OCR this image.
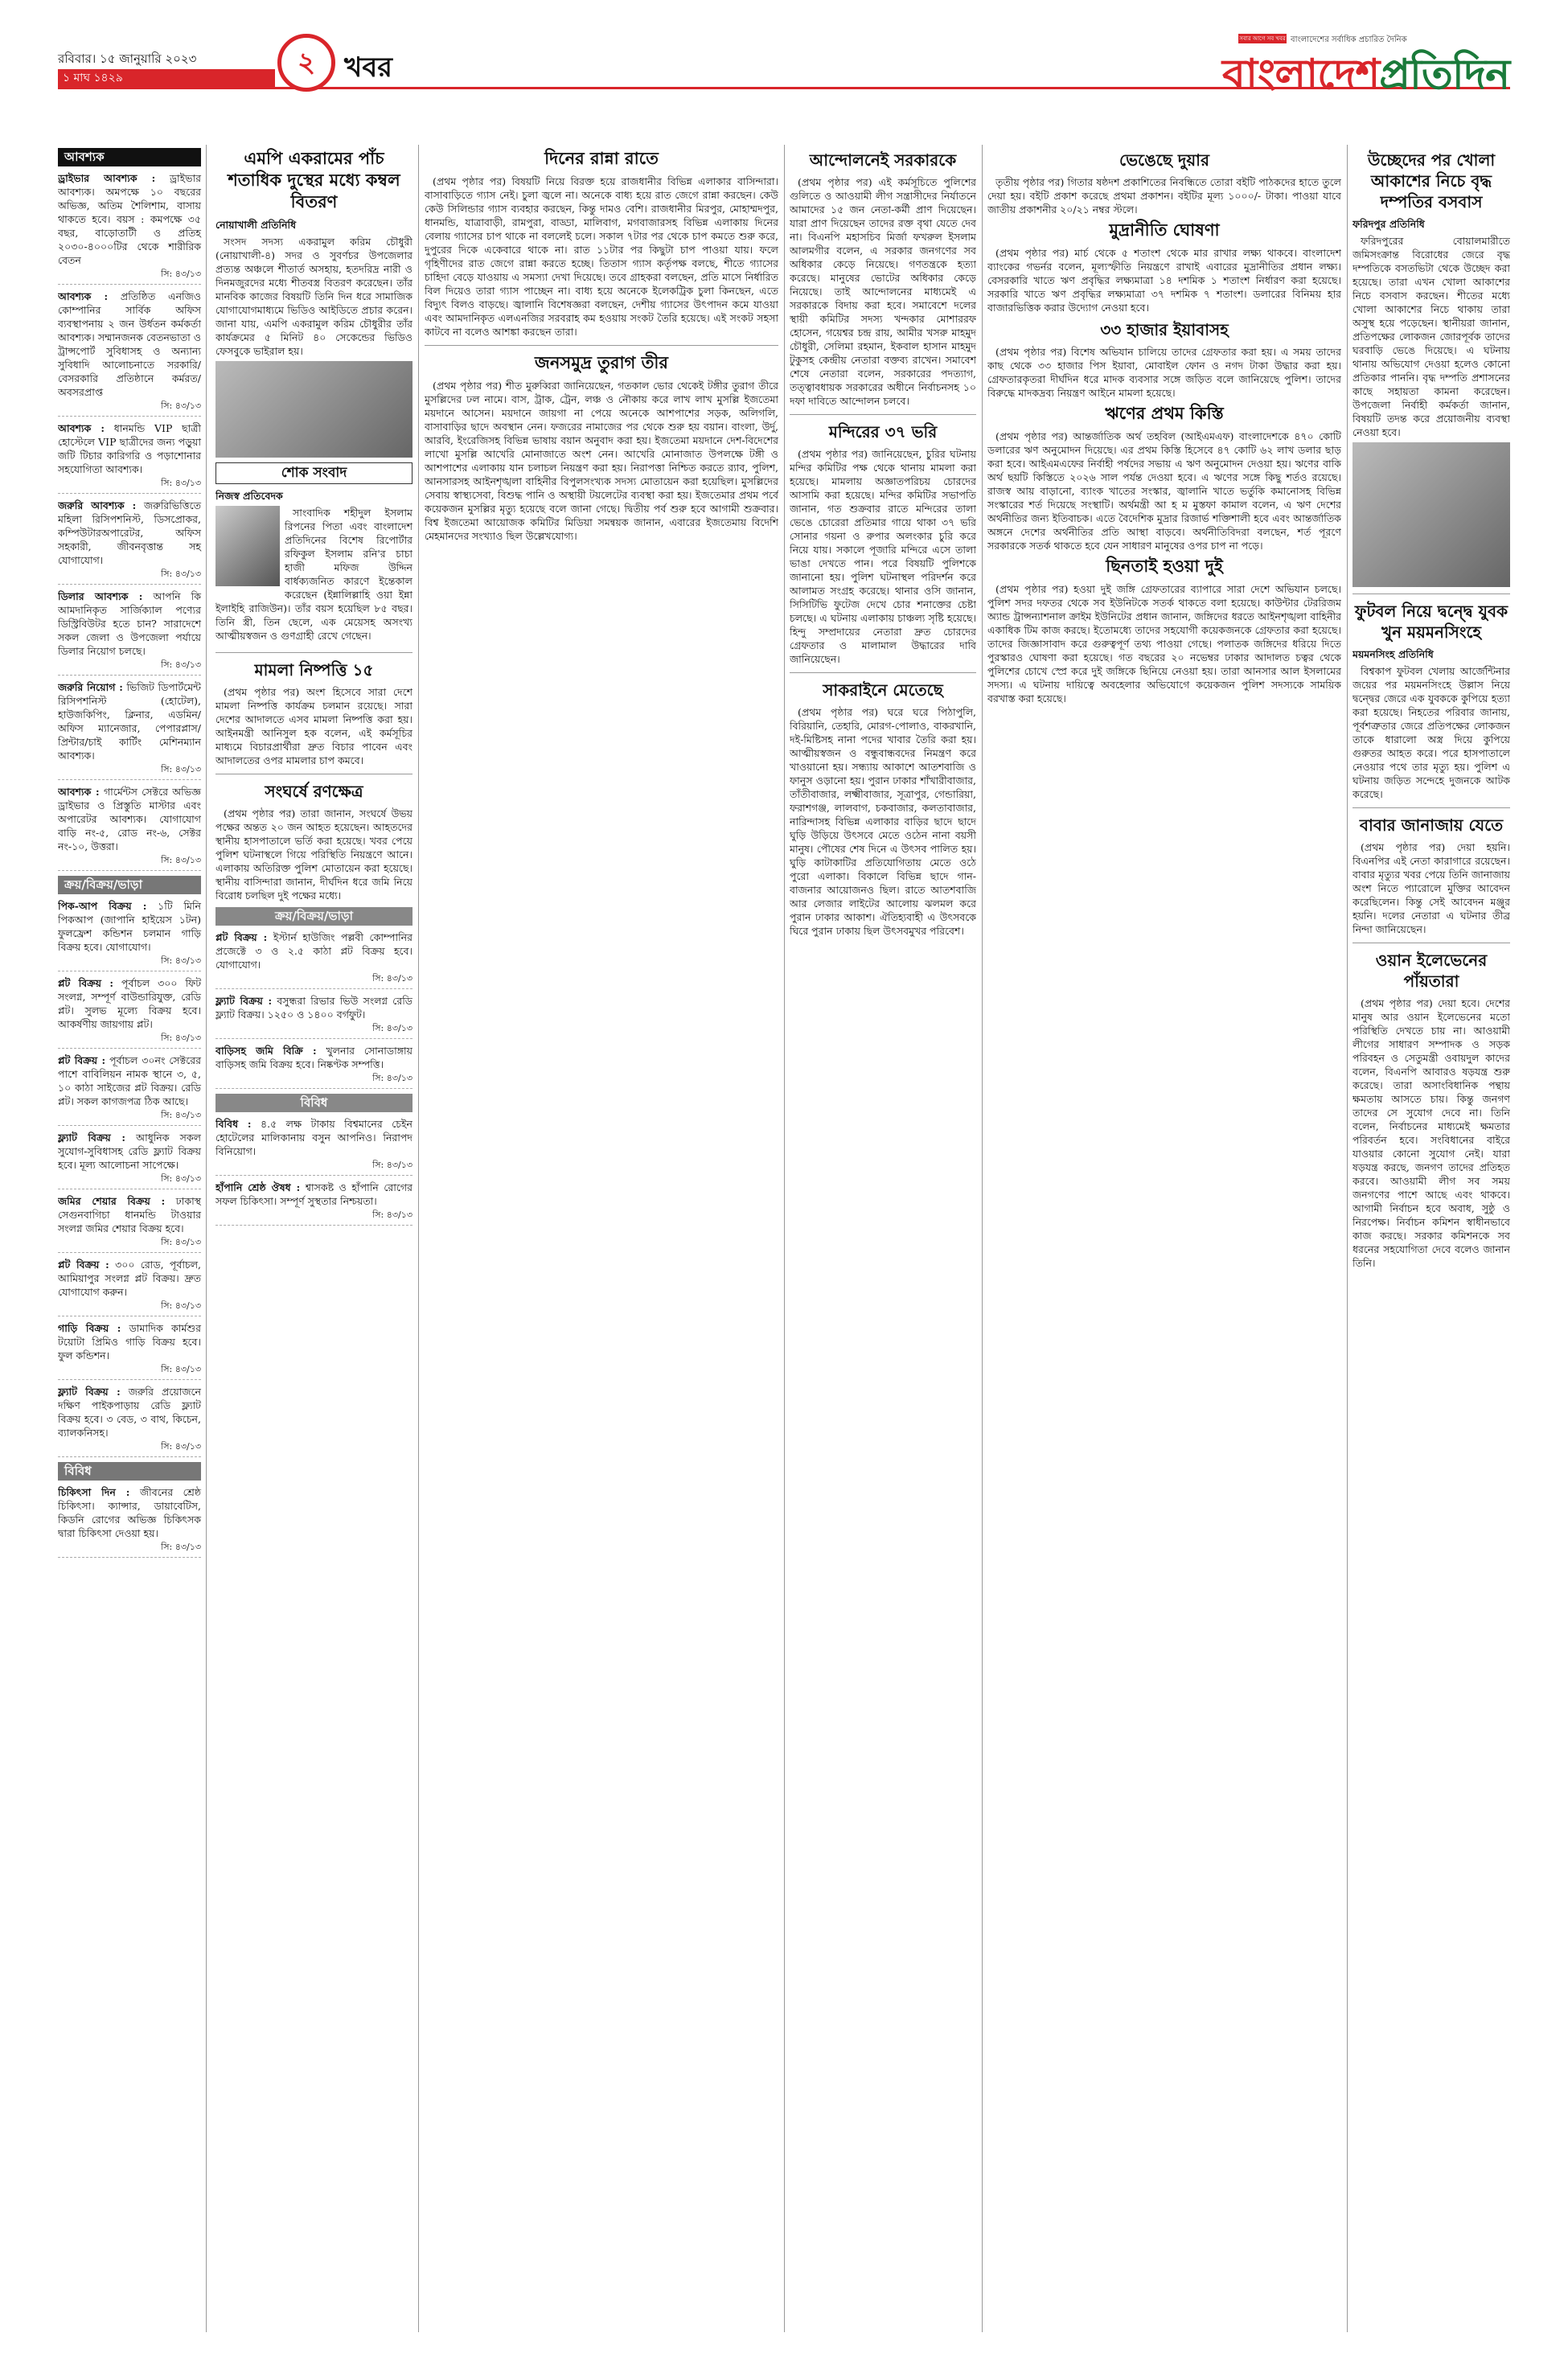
রবিবার। ১৫ জানুয়ারি ২০২৩
১ মাঘ ১৪২৯	২	খবর
সবার আগে সব খবর বাংলাদেশের সর্বাধিক প্রচারিত দৈনিক
বাংলাদেশপ্রতিদিন
আবশ্যক
ড্রাইভার আবশ্যক : ড্রাইভার আবশ্যক। অমপক্ষে ১০ বছরের অভিজ্ঞ, অতিম শৈলিশাম, বাসায় থাকতে হবে। বয়স : কমপক্ষে ৩৫ বছর, বাড়োতাটী ও প্রতিহ ২০৩০-৪০০০টির থেকে শারীরিক বেতন
সি: ৪৩/১৩
আবশ্যক : প্রতিষ্ঠিত এনজিও কোম্পানির সার্বিক অফিস ব্যবস্থাপনায় ২ জন উর্ধতন কর্মকর্তা আবশ্যক। সম্মানজনক বেতনভাতা ও ট্রান্সপোর্ট সুবিধাসহ ও অন্যান্য সুবিধাদি আলোচনাতে সরকারি/বেসরকারি প্রতিষ্ঠানে কর্মরত/অবসরপ্রাপ্ত
সি: ৪৩/১৩
আবশ্যক : ধানমন্ডি VIP ছাত্রী হোস্টেলে VIP ছাত্রীদের জন্য পড়ুয়া জটি টিচার কারিগরি ও পড়াশোনার সহযোগিতা আবশ্যক।
সি: ৪৩/১৩
জরুরি আবশ্যক : জরুরিভিত্তিতে মহিলা রিসিপশনিস্ট, ডিসপ্রোকর, কম্পিউটারঅপারেটর, অফিস সহকারী, জীবনবৃত্তান্ত সহ যোগাযোগ।
সি: ৪৩/১৩
ডিলার আবশ্যক : আপনি কি আমদানিকৃত সার্জিক্যাল পণ্যের ডিস্ট্রিবিউটর হতে চান? সারাদেশে সকল জেলা ও উপজেলা পর্যায়ে ডিলার নিয়োগ চলছে।
সি: ৪৩/১৩
জরুরি নিয়োগ : ভিজিট ডিপার্টমেন্ট রিসিপশনিস্ট (হোটেল), হাউজকিপিং, ক্লিনার, এডমিন/অফিস ম্যানেজার, পেপারপ্লাস/প্রিন্টার/চাই কার্টিং মেশিনম্যান আবশ্যক।
সি: ৪৩/১৩
আবশ্যক : গার্মেন্টস সেক্টরে অভিজ্ঞ ড্রাইভার ও প্রিস্তুতি মাস্টার এবং অপারেটর আবশ্যক। যোগাযোগ বাড়ি নং-৫, রোড নং-৬, সেক্টর নং-১০, উত্তরা।
সি: ৪৩/১৩
ক্রয়/বিক্রয়/ভাড়া
পিক-আপ বিক্রয় : ১টি মিনি পিকআপ (জাপানি হাইয়েস ১টন) ফুলফ্রেশ কন্ডিশন চলমান গাড়ি বিক্রয় হবে। যোগাযোগ।
সি: ৪৩/১৩
প্লট বিক্রয় : পূর্বাচল ৩০০ ফিট সংলগ্ন, সম্পূর্ণ বাউন্ডারিযুক্ত, রেডি প্লট। সুলভ মূল্যে বিক্রয় হবে। আকর্ষণীয় জায়গায় প্লট।
সি: ৪৩/১৩
প্লট বিক্রয় : পূর্বাচল ৩০নং সেক্টরের পাশে বাবিলিয়ন নামক স্থানে ৩, ৫, ১০ কাঠা সাইজের প্লট বিক্রয়। রেডি প্লট। সকল কাগজপত্র ঠিক আছে।
সি: ৪৩/১৩
ফ্ল্যাট বিক্রয় : আধুনিক সকল সুযোগ-সুবিধাসহ রেডি ফ্ল্যাট বিক্রয় হবে। মূল্য আলোচনা সাপেক্ষে।
সি: ৪৩/১৩
জমির শেয়ার বিক্রয় : ঢাকাস্থ সেগুনবাগিচা ধানমন্ডি টাওয়ার সংলগ্ন জমির শেয়ার বিক্রয় হবে।
সি: ৪৩/১৩
প্লট বিক্রয় : ৩০০ রোড, পূর্বাচল, আমিয়াপুর সংলগ্ন প্লট বিক্রয়। দ্রুত যোগাযোগ করুন।
সি: ৪৩/১৩
গাড়ি বিক্রয় : ডামাদিক কার্মশুর টয়োটা প্রিমিও গাড়ি বিক্রয় হবে। ফুল কন্ডিশন।
সি: ৪৩/১৩
ফ্ল্যাট বিক্রয় : জরুরি প্রয়োজনে দক্ষিণ পাইকপাড়ায় রেডি ফ্ল্যাট বিক্রয় হবে। ৩ বেড, ৩ বাথ, কিচেন, ব্যালকনিসহ।
সি: ৪৩/১৩
বিবিধ
চিকিৎসা দিন : জীবনের শ্রেষ্ঠ চিকিৎসা। ক্যান্সার, ডায়াবেটিস, কিডনি রোগের অভিজ্ঞ চিকিৎসক দ্বারা চিকিৎসা দেওয়া হয়।
সি: ৪৩/১৩
এমপি একরামের পাঁচ শতাধিক দুস্থের মধ্যে কম্বল বিতরণ
নোয়াখালী প্রতিনিধি

সংসদ সদস্য একরামুল করিম চৌধুরী (নোয়াখালী-৪) সদর ও সুবর্ণচর উপজেলার প্রত্যন্ত অঞ্চলে শীতার্ত অসহায়, হতদরিদ্র নারী ও দিনমজুরদের মধ্যে শীতবস্ত্র বিতরণ করেছেন। তাঁর মানবিক কাজের বিষয়টি তিনি দিন ধরে সামাজিক যোগাযোগমাধ্যমে ভিডিও আইডিতে প্রচার করেন। জানা যায়, এমপি একরামুল করিম চৌধুরীর তাঁর কার্যক্রমের ৫ মিনিট ৪০ সেকেন্ডের ভিডিও ফেসবুকে ভাইরাল হয়।

শোক সংবাদ
নিজস্ব প্রতিবেদক

সাংবাদিক শহীদুল ইসলাম রিপনের পিতা এবং বাংলাদেশ প্রতিদিনের বিশেষ রিপোর্টার রফিকুল ইসলাম রনি'র চাচা হাজী মফিজ উদ্দিন বার্ধক্যজনিত কারণে ইন্তেকাল করেছেন (ইন্নালিল্লাহি ওয়া ইন্না ইলাইহি রাজিউন)। তাঁর বয়স হয়েছিল ৮৫ বছর। তিনি স্ত্রী, তিন ছেলে, এক মেয়েসহ অসংখ্য আত্মীয়স্বজন ও গুণগ্রাহী রেখে গেছেন।

মামলা নিষ্পত্তি ১৫

(প্রথম পৃষ্ঠার পর) অংশ হিসেবে সারা দেশে মামলা নিষ্পত্তি কার্যক্রম চলমান রয়েছে। সারা দেশের আদালতে এসব মামলা নিষ্পত্তি করা হয়। আইনমন্ত্রী আনিসুল হক বলেন, এই কর্মসূচির মাধ্যমে বিচারপ্রার্থীরা দ্রুত বিচার পাবেন এবং আদালতের ওপর মামলার চাপ কমবে।

সংঘর্ষে রণক্ষেত্র

(প্রথম পৃষ্ঠার পর) তারা জানান, সংঘর্ষে উভয় পক্ষের অন্তত ২০ জন আহত হয়েছেন। আহতদের স্থানীয় হাসপাতালে ভর্তি করা হয়েছে। খবর পেয়ে পুলিশ ঘটনাস্থলে গিয়ে পরিস্থিতি নিয়ন্ত্রণে আনে। এলাকায় অতিরিক্ত পুলিশ মোতায়েন করা হয়েছে। স্থানীয় বাসিন্দারা জানান, দীর্ঘদিন ধরে জমি নিয়ে বিরোধ চলছিল দুই পক্ষের মধ্যে।

ক্রয়/বিক্রয়/ভাড়া
প্লট বিক্রয় : ইস্টার্ন হাউজিং পল্লবী কোম্পানির প্রজেক্টে ৩ ও ২.৫ কাঠা প্লট বিক্রয় হবে। যোগাযোগ।
সি: ৪৩/১৩
ফ্ল্যাট বিক্রয় : বসুন্ধরা রিভার ভিউ সংলগ্ন রেডি ফ্ল্যাট বিক্রয়। ১২৫০ ও ১৪০০ বর্গফুট।
সি: ৪৩/১৩
বাড়িসহ জমি বিক্রি : খুলনার সোনাডাঙ্গায় বাড়িসহ জমি বিক্রয় হবে। নিষ্কণ্টক সম্পত্তি।
সি: ৪৩/১৩
বিবিধ
বিবিধ : ৪.৫ লক্ষ টাকায় বিশ্বমানের চেইন হোটেলের মালিকানায় বসুন আপনিও। নিরাপদ বিনিয়োগ।
সি: ৪৩/১৩
হাঁপানি শ্রেষ্ঠ ঔষধ : শ্বাসকষ্ট ও হাঁপানি রোগের সফল চিকিৎসা। সম্পূর্ণ সুস্থতার নিশ্চয়তা।
সি: ৪৩/১৩
দিনের রান্না রাতে

(প্রথম পৃষ্ঠার পর) বিষয়টি নিয়ে বিরক্ত হয়ে রাজধানীর বিভিন্ন এলাকার বাসিন্দারা। বাসাবাড়িতে গ্যাস নেই। চুলা জ্বলে না। অনেকে বাধ্য হয়ে রাত জেগে রান্না করছেন। কেউ কেউ সিলিন্ডার গ্যাস ব্যবহার করছেন, কিন্তু দামও বেশি। রাজধানীর মিরপুর, মোহাম্মদপুর, ধানমন্ডি, যাত্রাবাড়ী, রামপুরা, বাড্ডা, মালিবাগ, মগবাজারসহ বিভিন্ন এলাকায় দিনের বেলায় গ্যাসের চাপ থাকে না বললেই চলে। সকাল ৭টার পর থেকে চাপ কমতে শুরু করে, দুপুরের দিকে একেবারে থাকে না। রাত ১১টার পর কিছুটা চাপ পাওয়া যায়। ফলে গৃহিণীদের রাত জেগে রান্না করতে হচ্ছে। তিতাস গ্যাস কর্তৃপক্ষ বলছে, শীতে গ্যাসের চাহিদা বেড়ে যাওয়ায় এ সমস্যা দেখা দিয়েছে। তবে গ্রাহকরা বলছেন, প্রতি মাসে নির্ধারিত বিল দিয়েও তারা গ্যাস পাচ্ছেন না। বাধ্য হয়ে অনেকে ইলেকট্রিক চুলা কিনছেন, এতে বিদ্যুৎ বিলও বাড়ছে। জ্বালানি বিশেষজ্ঞরা বলছেন, দেশীয় গ্যাসের উৎপাদন কমে যাওয়া এবং আমদানিকৃত এলএনজির সরবরাহ কম হওয়ায় সংকট তৈরি হয়েছে। এই সংকট সহসা কাটবে না বলেও আশঙ্কা করছেন তারা।

জনসমুদ্র তুরাগ তীর

(প্রথম পৃষ্ঠার পর) শীত মুরুব্বিরা জানিয়েছেন, গতকাল ভোর থেকেই টঙ্গীর তুরাগ তীরে মুসল্লিদের ঢল নামে। বাস, ট্রাক, ট্রেন, লঞ্চ ও নৌকায় করে লাখ লাখ মুসল্লি ইজতেমা ময়দানে আসেন। ময়দানে জায়গা না পেয়ে অনেকে আশপাশের সড়ক, অলিগলি, বাসাবাড়ির ছাদে অবস্থান নেন। ফজরের নামাজের পর থেকে শুরু হয় বয়ান। বাংলা, উর্দু, আরবি, ইংরেজিসহ বিভিন্ন ভাষায় বয়ান অনুবাদ করা হয়। ইজতেমা ময়দানে দেশ-বিদেশের লাখো মুসল্লি আখেরি মোনাজাতে অংশ নেন। আখেরি মোনাজাত উপলক্ষে টঙ্গী ও আশপাশের এলাকায় যান চলাচল নিয়ন্ত্রণ করা হয়। নিরাপত্তা নিশ্চিত করতে র‌্যাব, পুলিশ, আনসারসহ আইনশৃঙ্খলা বাহিনীর বিপুলসংখ্যক সদস্য মোতায়েন করা হয়েছিল। মুসল্লিদের সেবায় স্বাস্থ্যসেবা, বিশুদ্ধ পানি ও অস্থায়ী টয়লেটের ব্যবস্থা করা হয়। ইজতেমার প্রথম পর্বে কয়েকজন মুসল্লির মৃত্যু হয়েছে বলে জানা গেছে। দ্বিতীয় পর্ব শুরু হবে আগামী শুক্রবার। বিশ্ব ইজতেমা আয়োজক কমিটির মিডিয়া সমন্বয়ক জানান, এবারের ইজতেমায় বিদেশি মেহমানদের সংখ্যাও ছিল উল্লেখযোগ্য।

আন্দোলনেই সরকারকে

(প্রথম পৃষ্ঠার পর) এই কর্মসূচিতে পুলিশের গুলিতে ও আওয়ামী লীগ সন্ত্রাসীদের নির্যাতনে আমাদের ১৫ জন নেতা-কর্মী প্রাণ দিয়েছেন। যারা প্রাণ দিয়েছেন তাদের রক্ত বৃথা যেতে দেব না। বিএনপি মহাসচিব মির্জা ফখরুল ইসলাম আলমগীর বলেন, এ সরকার জনগণের সব অধিকার কেড়ে নিয়েছে। গণতন্ত্রকে হত্যা করেছে। মানুষের ভোটের অধিকার কেড়ে নিয়েছে। তাই আন্দোলনের মাধ্যমেই এ সরকারকে বিদায় করা হবে। সমাবেশে দলের স্থায়ী কমিটির সদস্য খন্দকার মোশাররফ হোসেন, গয়েশ্বর চন্দ্র রায়, আমীর খসরু মাহমুদ চৌধুরী, সেলিমা রহমান, ইকবাল হাসান মাহমুদ টুকুসহ কেন্দ্রীয় নেতারা বক্তব্য রাখেন। সমাবেশ শেষে নেতারা বলেন, সরকারের পদত্যাগ, তত্ত্বাবধায়ক সরকারের অধীনে নির্বাচনসহ ১০ দফা দাবিতে আন্দোলন চলবে।

মন্দিরের ৩৭ ভরি

(প্রথম পৃষ্ঠার পর) জানিয়েছেন, চুরির ঘটনায় মন্দির কমিটির পক্ষ থেকে থানায় মামলা করা হয়েছে। মামলায় অজ্ঞাতপরিচয় চোরদের আসামি করা হয়েছে। মন্দির কমিটির সভাপতি জানান, গত শুক্রবার রাতে মন্দিরের তালা ভেঙে চোরেরা প্রতিমার গায়ে থাকা ৩৭ ভরি সোনার গয়না ও রুপার অলংকার চুরি করে নিয়ে যায়। সকালে পূজারি মন্দিরে এসে তালা ভাঙা দেখতে পান। পরে বিষয়টি পুলিশকে জানানো হয়। পুলিশ ঘটনাস্থল পরিদর্শন করে আলামত সংগ্রহ করেছে। থানার ওসি জানান, সিসিটিভি ফুটেজ দেখে চোর শনাক্তের চেষ্টা চলছে। এ ঘটনায় এলাকায় চাঞ্চল্য সৃষ্টি হয়েছে। হিন্দু সম্প্রদায়ের নেতারা দ্রুত চোরদের গ্রেফতার ও মালামাল উদ্ধারের দাবি জানিয়েছেন।

সাকরাইনে মেতেছে

(প্রথম পৃষ্ঠার পর) ঘরে ঘরে পিঠাপুলি, বিরিয়ানি, তেহারি, মোরগ-পোলাও, বাকরখানি, দই-মিষ্টিসহ নানা পদের খাবার তৈরি করা হয়। আত্মীয়স্বজন ও বন্ধুবান্ধবদের নিমন্ত্রণ করে খাওয়ানো হয়। সন্ধ্যায় আকাশে আতশবাজি ও ফানুস ওড়ানো হয়। পুরান ঢাকার শাঁখারীবাজার, তাঁতীবাজার, লক্ষ্মীবাজার, সূত্রাপুর, গেন্ডারিয়া, ফরাশগঞ্জ, লালবাগ, চকবাজার, কলতাবাজার, নারিন্দাসহ বিভিন্ন এলাকার বাড়ির ছাদে ছাদে ঘুড়ি উড়িয়ে উৎসবে মেতে ওঠেন নানা বয়সী মানুষ। পৌষের শেষ দিনে এ উৎসব পালিত হয়। ঘুড়ি কাটাকাটির প্রতিযোগিতায় মেতে ওঠে পুরো এলাকা। বিকালে বিভিন্ন ছাদে গান-বাজনার আয়োজনও ছিল। রাতে আতশবাজি আর লেজার লাইটের আলোয় ঝলমল করে পুরান ঢাকার আকাশ। ঐতিহ্যবাহী এ উৎসবকে ঘিরে পুরান ঢাকায় ছিল উৎসবমুখর পরিবেশ।

ভেঙেছে দুয়ার

তৃতীয় পৃষ্ঠার পর) গিতার ষষ্ঠদশ প্রকাশিতের নিবন্ধিতে তোরা বইটি পাঠকদের হাতে তুলে দেয়া হয়। বইটি প্রকাশ করেছে প্রথমা প্রকাশন। বইটির মূল্য ১০০০/- টাকা। পাওয়া যাবে জাতীয় প্রকাশনীর ২০/২১ নম্বর স্টলে।

মুদ্রানীতি ঘোষণা

(প্রথম পৃষ্ঠার পর) মার্চ থেকে ৫ শতাংশ থেকে মার রাখার লক্ষ্য থাকবে। বাংলাদেশ ব্যাংকের গভর্নর বলেন, মূল্যস্ফীতি নিয়ন্ত্রণে রাখাই এবারের মুদ্রানীতির প্রধান লক্ষ্য। বেসরকারি খাতে ঋণ প্রবৃদ্ধির লক্ষ্যমাত্রা ১৪ দশমিক ১ শতাংশ নির্ধারণ করা হয়েছে। সরকারি খাতে ঋণ প্রবৃদ্ধির লক্ষ্যমাত্রা ৩৭ দশমিক ৭ শতাংশ। ডলারের বিনিময় হার বাজারভিত্তিক করার উদ্যোগ নেওয়া হবে।

৩৩ হাজার ইয়াবাসহ

(প্রথম পৃষ্ঠার পর) বিশেষ অভিযান চালিয়ে তাদের গ্রেফতার করা হয়। এ সময় তাদের কাছ থেকে ৩৩ হাজার পিস ইয়াবা, মোবাইল ফোন ও নগদ টাকা উদ্ধার করা হয়। গ্রেফতারকৃতরা দীর্ঘদিন ধরে মাদক ব্যবসার সঙ্গে জড়িত বলে জানিয়েছে পুলিশ। তাদের বিরুদ্ধে মাদকদ্রব্য নিয়ন্ত্রণ আইনে মামলা হয়েছে।

ঋণের প্রথম কিস্তি

(প্রথম পৃষ্ঠার পর) আন্তর্জাতিক অর্থ তহবিল (আইএমএফ) বাংলাদেশকে ৪৭০ কোটি ডলারের ঋণ অনুমোদন দিয়েছে। এর প্রথম কিস্তি হিসেবে ৪৭ কোটি ৬২ লাখ ডলার ছাড় করা হবে। আইএমএফের নির্বাহী পর্ষদের সভায় এ ঋণ অনুমোদন দেওয়া হয়। ঋণের বাকি অর্থ ছয়টি কিস্তিতে ২০২৬ সাল পর্যন্ত দেওয়া হবে। এ ঋণের সঙ্গে কিছু শর্তও রয়েছে। রাজস্ব আয় বাড়ানো, ব্যাংক খাতের সংস্কার, জ্বালানি খাতে ভর্তুকি কমানোসহ বিভিন্ন সংস্কারের শর্ত দিয়েছে সংস্থাটি। অর্থমন্ত্রী আ হ ম মুস্তফা কামাল বলেন, এ ঋণ দেশের অর্থনীতির জন্য ইতিবাচক। এতে বৈদেশিক মুদ্রার রিজার্ভ শক্তিশালী হবে এবং আন্তর্জাতিক অঙ্গনে দেশের অর্থনীতির প্রতি আস্থা বাড়বে। অর্থনীতিবিদরা বলছেন, শর্ত পূরণে সরকারকে সতর্ক থাকতে হবে যেন সাধারণ মানুষের ওপর চাপ না পড়ে।

ছিনতাই হওয়া দুই

(প্রথম পৃষ্ঠার পর) হওয়া দুই জঙ্গি গ্রেফতারের ব্যাপারে সারা দেশে অভিযান চলছে। পুলিশ সদর দফতর থেকে সব ইউনিটকে সতর্ক থাকতে বলা হয়েছে। কাউন্টার টেররিজম অ্যান্ড ট্রান্সন্যাশনাল ক্রাইম ইউনিটের প্রধান জানান, জঙ্গিদের ধরতে আইনশৃঙ্খলা বাহিনীর একাধিক টিম কাজ করছে। ইতোমধ্যে তাদের সহযোগী কয়েকজনকে গ্রেফতার করা হয়েছে। তাদের জিজ্ঞাসাবাদ করে গুরুত্বপূর্ণ তথ্য পাওয়া গেছে। পলাতক জঙ্গিদের ধরিয়ে দিতে পুরস্কারও ঘোষণা করা হয়েছে। গত বছরের ২০ নভেম্বর ঢাকার আদালত চত্বর থেকে পুলিশের চোখে স্প্রে করে দুই জঙ্গিকে ছিনিয়ে নেওয়া হয়। তারা আনসার আল ইসলামের সদস্য। এ ঘটনায় দায়িত্বে অবহেলার অভিযোগে কয়েকজন পুলিশ সদস্যকে সাময়িক বরখাস্ত করা হয়েছে।

উচ্ছেদের পর খোলা আকাশের নিচে বৃদ্ধ দম্পতির বসবাস
ফরিদপুর প্রতিনিধি

ফরিদপুরের বোয়ালমারীতে জমিসংক্রান্ত বিরোধের জেরে বৃদ্ধ দম্পতিকে বসতভিটা থেকে উচ্ছেদ করা হয়েছে। তারা এখন খোলা আকাশের নিচে বসবাস করছেন। শীতের মধ্যে খোলা আকাশের নিচে থাকায় তারা অসুস্থ হয়ে পড়েছেন। স্থানীয়রা জানান, প্রতিপক্ষের লোকজন জোরপূর্বক তাদের ঘরবাড়ি ভেঙে দিয়েছে। এ ঘটনায় থানায় অভিযোগ দেওয়া হলেও কোনো প্রতিকার পাননি। বৃদ্ধ দম্পতি প্রশাসনের কাছে সহায়তা কামনা করেছেন। উপজেলা নির্বাহী কর্মকর্তা জানান, বিষয়টি তদন্ত করে প্রয়োজনীয় ব্যবস্থা নেওয়া হবে।

ফুটবল নিয়ে দ্বন্দ্বে যুবক খুন ময়মনসিংহে
ময়মনসিংহ প্রতিনিধি

বিশ্বকাপ ফুটবল খেলায় আর্জেন্টিনার জয়ের পর ময়মনসিংহে উল্লাস নিয়ে দ্বন্দ্বের জেরে এক যুবককে কুপিয়ে হত্যা করা হয়েছে। নিহতের পরিবার জানায়, পূর্বশত্রুতার জেরে প্রতিপক্ষের লোকজন তাকে ধারালো অস্ত্র দিয়ে কুপিয়ে গুরুতর আহত করে। পরে হাসপাতালে নেওয়ার পথে তার মৃত্যু হয়। পুলিশ এ ঘটনায় জড়িত সন্দেহে দুজনকে আটক করেছে।

বাবার জানাজায় যেতে

(প্রথম পৃষ্ঠার পর) দেয়া হয়নি। বিএনপির এই নেতা কারাগারে রয়েছেন। বাবার মৃত্যুর খবর পেয়ে তিনি জানাজায় অংশ নিতে প্যারোলে মুক্তির আবেদন করেছিলেন। কিন্তু সেই আবেদন মঞ্জুর হয়নি। দলের নেতারা এ ঘটনার তীব্র নিন্দা জানিয়েছেন।

ওয়ান ইলেভেনের পাঁয়তারা

(প্রথম পৃষ্ঠার পর) দেয়া হবে। দেশের মানুষ আর ওয়ান ইলেভেনের মতো পরিস্থিতি দেখতে চায় না। আওয়ামী লীগের সাধারণ সম্পাদক ও সড়ক পরিবহন ও সেতুমন্ত্রী ওবায়দুল কাদের বলেন, বিএনপি আবারও ষড়যন্ত্র শুরু করেছে। তারা অসাংবিধানিক পন্থায় ক্ষমতায় আসতে চায়। কিন্তু জনগণ তাদের সে সুযোগ দেবে না। তিনি বলেন, নির্বাচনের মাধ্যমেই ক্ষমতার পরিবর্তন হবে। সংবিধানের বাইরে যাওয়ার কোনো সুযোগ নেই। যারা ষড়যন্ত্র করছে, জনগণ তাদের প্রতিহত করবে। আওয়ামী লীগ সব সময় জনগণের পাশে আছে এবং থাকবে। আগামী নির্বাচন হবে অবাধ, সুষ্ঠু ও নিরপেক্ষ। নির্বাচন কমিশন স্বাধীনভাবে কাজ করছে। সরকার কমিশনকে সব ধরনের সহযোগিতা দেবে বলেও জানান তিনি।
